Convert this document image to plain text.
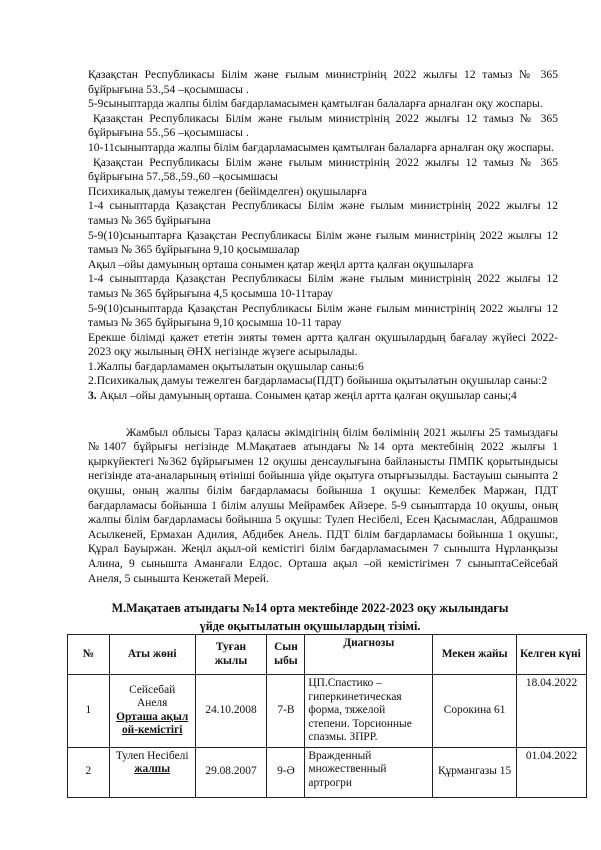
Қазақстан Республикасы Білім және ғылым министрінің 2022 жылғы 12 тамыз № 365 бұйрығына 53.,54 –қосымшасы .

5-9сыныптарда жалпы білім бағдарламасымен қамтылған балаларға арналған оқу жоспары.

Қазақстан Республикасы Білім және ғылым министрінің 2022 жылғы 12 тамыз № 365 бұйрығына 55.,56 –қосымшасы .

10-11сыныптарда жалпы білім бағдарламасымен қамтылған балаларға арналған оқу жоспары.

Қазақстан Республикасы Білім және ғылым министрінің 2022 жылғы 12 тамыз № 365 бұйрығына 57.,58.,59.,60 –қосымшасы

Психикалық дамуы тежелген (бейімделген) оқушыларға

1-4 сыныптарда Қазақстан Республикасы Білім және ғылым министрінің 2022 жылғы 12 тамыз № 365 бұйрығына

5-9(10)сыныптарға Қазақстан Республикасы Білім және ғылым министрінің 2022 жылғы 12 тамыз № 365 бұйрығына 9,10 қосымшалар

Ақыл –ойы дамуының орташа сонымен қатар жеңіл артта қалған оқушыларға

1-4 сыныптарда Қазақстан Республикасы Білім және ғылым министрінің 2022 жылғы 12 тамыз № 365 бұйрығына 4,5 қосымша 10-11тарау

5-9(10)сыныптарда Қазақстан Республикасы Білім және ғылым министрінің 2022 жылғы 12 тамыз № 365 бұйрығына 9,10 қосымша 10-11 тарау

Ерекше білімді қажет ететін зияты төмен артта қалған оқушылардың бағалау жүйесі 2022-2023 оқу жылының ӘНХ негізінде жүзеге асырылады.

1.Жалпы бағдарламамен оқытылатын оқушылар саны:6

2.Психикалық дамуы тежелген бағдарламасы(ПДТ) бойынша оқытылатын оқушылар саны:2

3. Ақыл –ойы дамуының орташа. Сонымен қатар жеңіл артта қалған оқушылар саны;4

Жамбыл облысы Тараз қаласы әкімдігінің білім бөлімінің 2021 жылғы 25 тамыздағы №1407 бұйрығы негізінде М.Мақатаев атындағы №14 орта мектебінің 2022 жылғы 1 қыркүйектегі №362 бұйрығымен 12 оқушы денсаулығына байланысты ПМПК қорытындысы негізінде ата-аналарының өтініші бойынша үйде оқытуға отырғызылды. Бастауыш сыныпта 2 оқушы, оның жалпы білім бағдарламасы бойынша 1 оқушы: Кемелбек Маржан, ПДТ бағдарламасы бойынша 1 білім алушы Мейрамбек Айзере. 5-9 сыныптарда 10 оқушы, оның жалпы білім бағдарламасы бойынша 5 оқушы: Тулеп Несібелі, Есен Қасымаслан, Абдрашмов Асылкеней, Ермахан Адилия, Абдибек Анель. ПДТ білім бағдарламасы бойынша 1 оқушы:, Құрал Бауыржан. Жеңіл ақыл-ой кемістігі білім бағдарламасымен 7 сынышта Нұрланқызы Алина, 9 сынышта Аманғали Елдос. Орташа ақыл –ой кемістігімен 7 сыныптаСейсебай Анеля, 5 сынышта Кенжетай Мерей.

М.Мақатаев атындағы №14 орта мектебінде 2022-2023 оқу жылындағы
үйде оқытылатын оқушылардың тізімі.
№	Аты жөні	Туған жылы	Сын ыбы	Диагнозы	Мекен жайы	Келген күні
1	Сейсебай Анеля
Орташа ақыл ой-кемістігі	24.10.2008	7-В	ЦП.Спастико – гиперкинетическая форма, тяжелой степени. Торсионные спазмы. ЗПРР.	Сорокина 61	18.04.2022
2	Тулеп Несібелі
жалпы	29.08.2007	9-Ә	Вражденный множественный артрогри	Құрмангазы 15	01.04.2022
